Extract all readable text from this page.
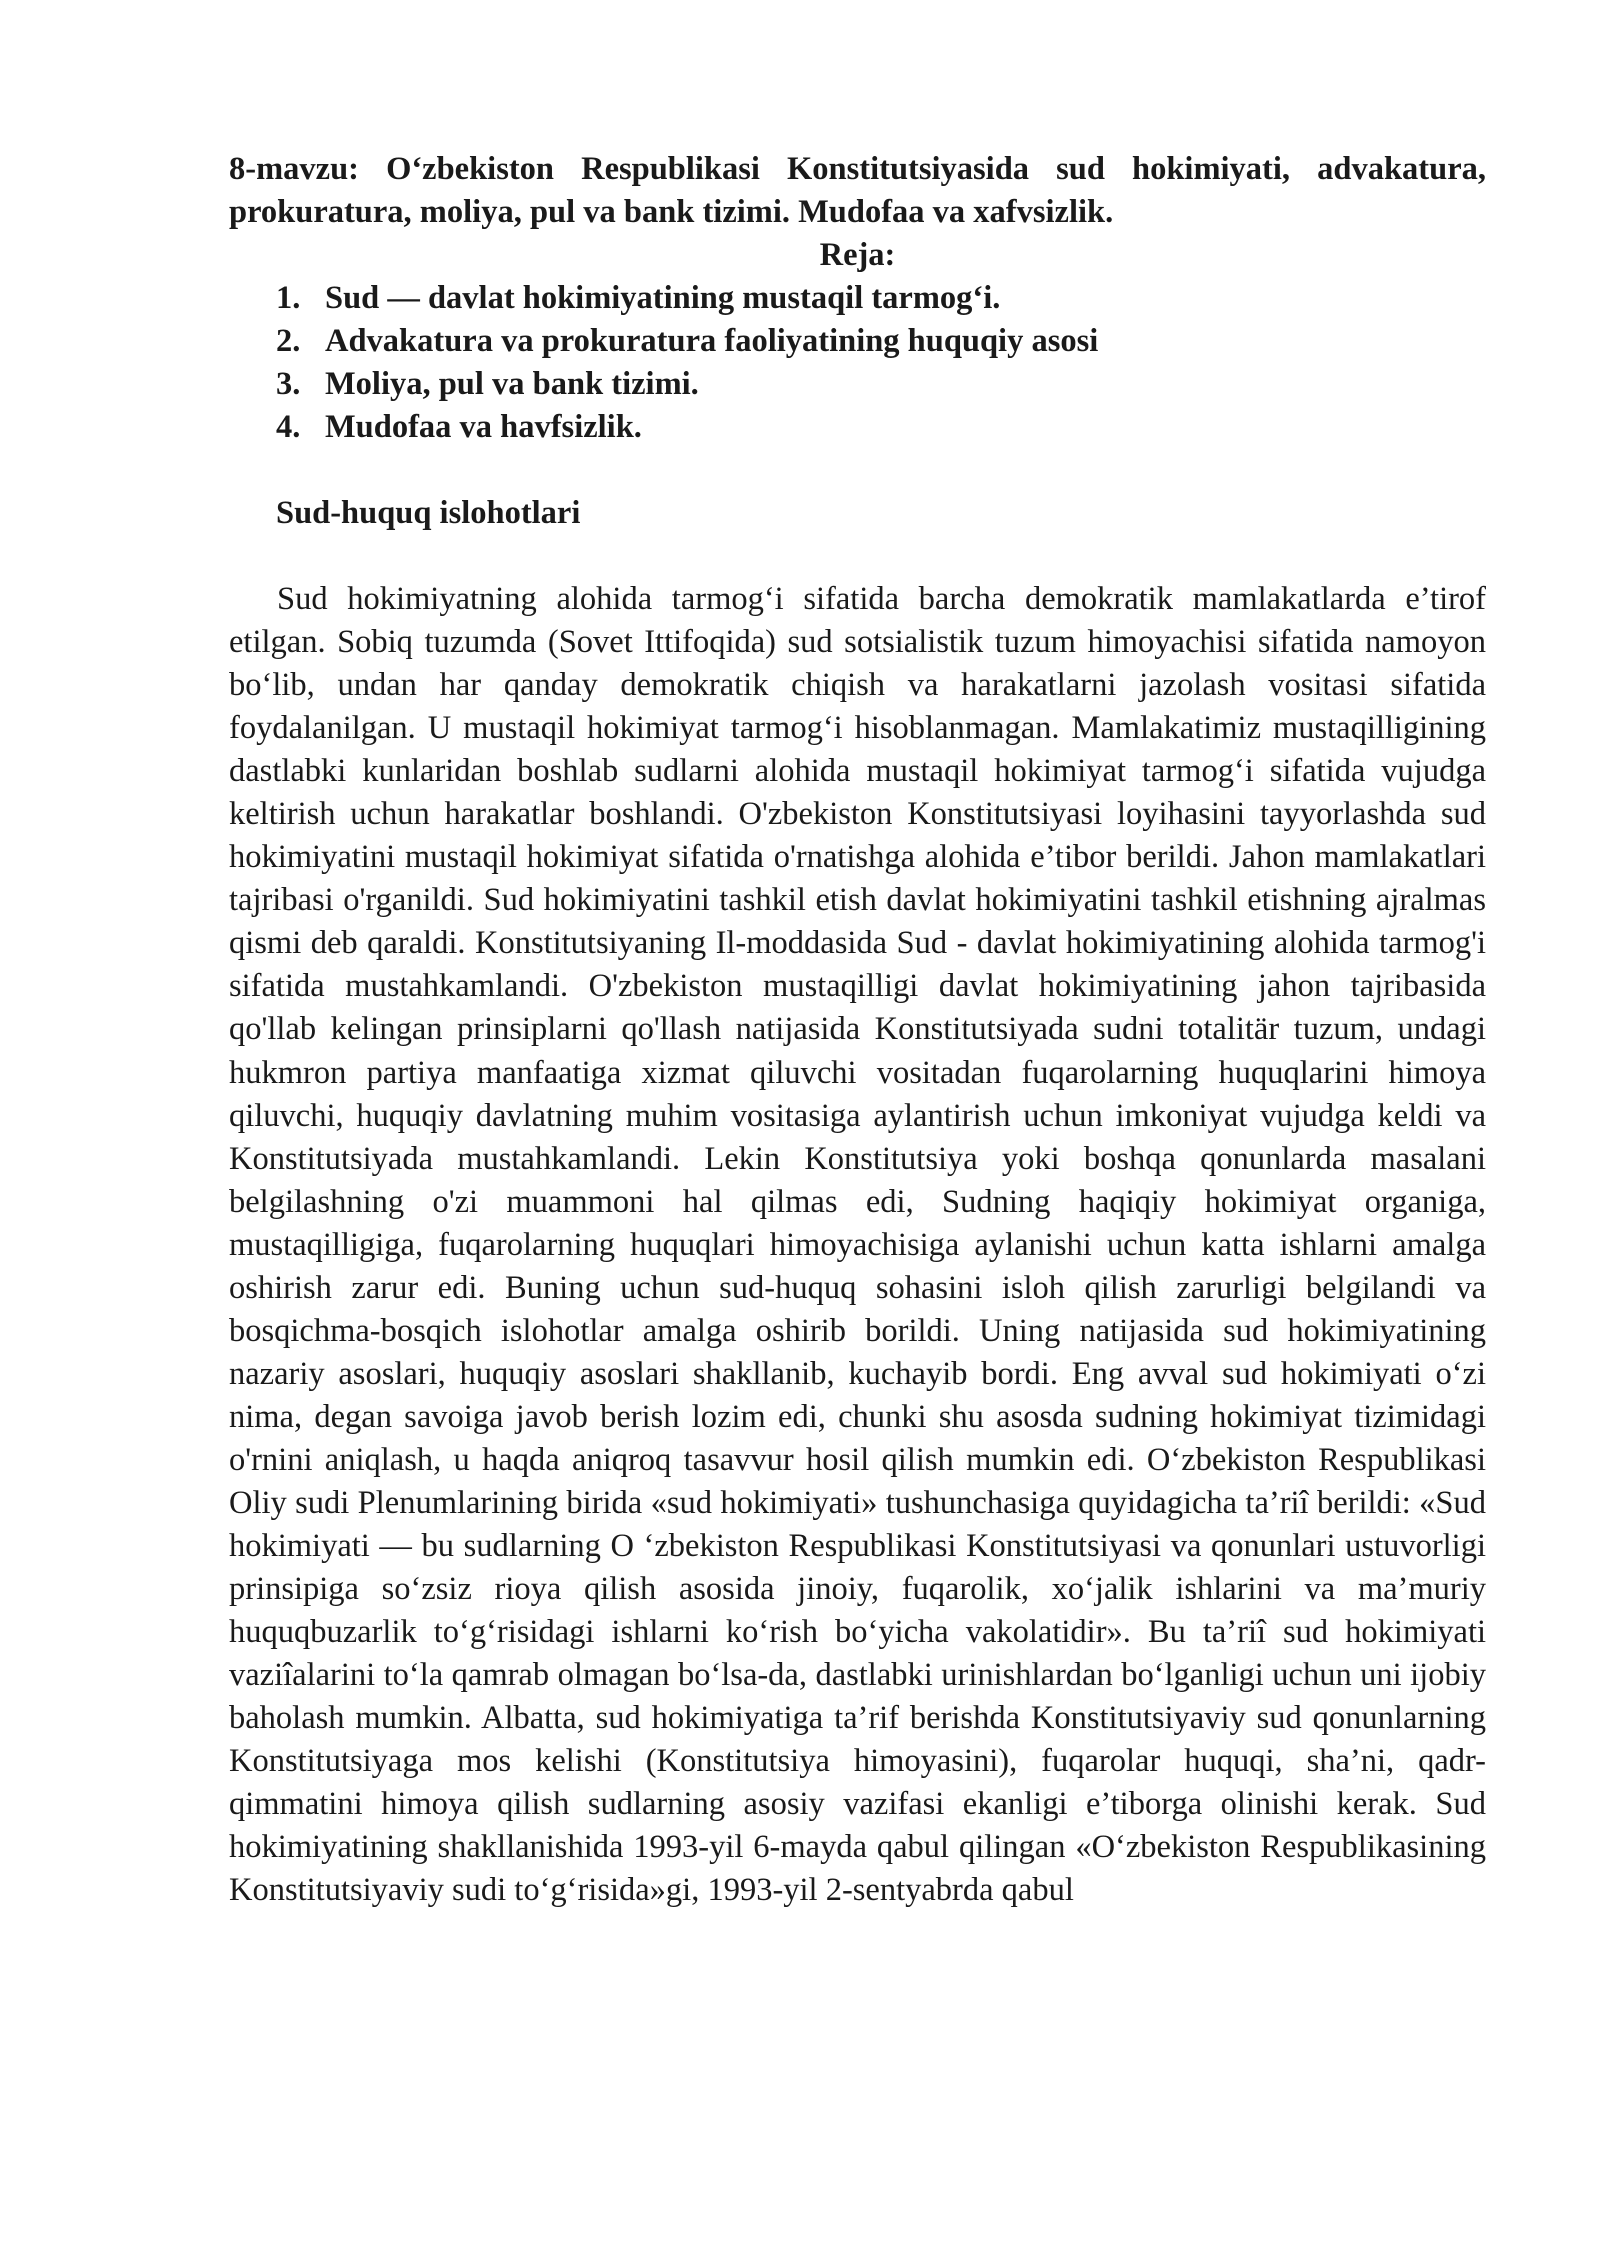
8-mavzu: O‘zbekiston Respublikasi Konstitutsiyasida sud hokimiyati, advakatura, prokuratura, moliya, pul va bank tizimi. Mudofaa va xafvsizlik.

Reja:

1. Sud — davlat hokimiyatining mustaqil tarmog‘i.
2. Advakatura va prokuratura faoliyatining huquqiy asosi
3. Moliya, pul va bank tizimi.
4. Mudofaa va havfsizlik.

Sud-huquq islohotlari

Sud hokimiyatning alohida tarmog‘i sifatida barcha demokratik mamlakatlarda e’tirof etilgan. Sobiq tuzumda (Sovet Ittifoqida) sud sotsialistik tuzum himoyachisi sifatida namoyon bo‘lib, undan har qanday demokratik chiqish va harakatlarni jazolash vositasi sifatida foydalanilgan. U mustaqil hokimiyat tarmog‘i hisoblanmagan. Mamlakatimiz mustaqilligining dastlabki kunlaridan boshlab sudlarni alohida mustaqil hokimiyat tarmog‘i sifatida vujudga keltirish uchun harakatlar boshlandi. O'zbekiston Konstitutsiyasi loyihasini tayyorlashda sud hokimiyatini mustaqil hokimiyat sifatida o'rnatishga alohida e’tibor berildi. Jahon mamlakatlari tajribasi o'rganildi. Sud hokimiyatini tashkil etish davlat hokimiyatini tashkil etishning ajralmas qismi deb qaraldi. Konstitutsiyaning Il-moddasida Sud - davlat hokimiyatining alohida tarmog'i sifatida mustahkamlandi. O'zbekiston mustaqilligi davlat hokimiyatining jahon tajribasida qo'llab kelingan prinsiplarni qo'llash natijasida Konstitutsiyada sudni totalitär tuzum, undagi hukmron partiya manfaatiga xizmat qiluvchi vositadan fuqarolarning huquqlarini himoya qiluvchi, huquqiy davlatning muhim vositasiga aylantirish uchun imkoniyat vujudga keldi va Konstitutsiyada mustahkamlandi. Lekin Konstitutsiya yoki boshqa qonunlarda masalani belgilashning o'zi muammoni hal qilmas edi, Sudning haqiqiy hokimiyat organiga, mustaqilligiga, fuqarolarning huquqlari himoyachisiga aylanishi uchun katta ishlarni amalga oshirish zarur edi. Buning uchun sud-huquq sohasini isloh qilish zarurligi belgilandi va bosqichma-bosqich islohotlar amalga oshirib borildi. Uning natijasida sud hokimiyatining nazariy asoslari, huquqiy asoslari shakllanib, kuchayib bordi. Eng avval sud hokimiyati o‘zi nima, degan savoiga javob berish lozim edi, chunki shu asosda sudning hokimiyat tizimidagi o'rnini aniqlash, u haqda aniqroq tasavvur hosil qilish mumkin edi. O‘zbekiston Respublikasi Oliy sudi Plenumlarining birida «sud hokimiyati» tushunchasiga quyidagicha ta’riî berildi: «Sud hokimiyati — bu sudlarning O ‘zbekiston Respublikasi Konstitutsiyasi va qonunlari ustuvorligi prinsipiga so‘zsiz rioya qilish asosida jinoiy, fuqarolik, xo‘jalik ishlarini va ma’muriy huquqbuzarlik to‘g‘risidagi ishlarni ko‘rish bo‘yicha vakolatidir». Bu ta’riî sud hokimiyati vaziîalarini to‘la qamrab olmagan bo‘lsa-da, dastlabki urinishlardan bo‘lganligi uchun uni ijobiy baholash mumkin. Albatta, sud hokimiyatiga ta’rif berishda Konstitutsiyaviy sud qonunlarning Konstitutsiyaga mos kelishi (Konstitutsiya himoyasini), fuqarolar huquqi, sha’ni, qadr- qimmatini himoya qilish sudlarning asosiy vazifasi ekanligi e’tiborga olinishi kerak. Sud hokimiyatining shakllanishida 1993-yil 6-mayda qabul qilingan «O‘zbekiston Respublikasining Konstitutsiyaviy sudi to‘g‘risida»gi, 1993-yil 2-sentyabrda qabul
